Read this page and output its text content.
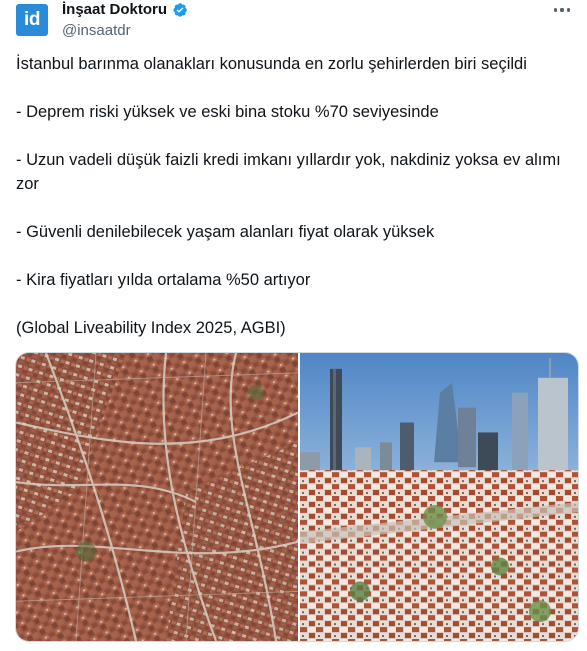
id	İnşaat Doktoru
@insaatdr

İstanbul barınma olanakları konusunda en zorlu şehirlerden biri seçildi

- Deprem riski yüksek ve eski bina stoku %70 seviyesinde

- Uzun vadeli düşük faizli kredi imkanı yıllardır yok, nakdiniz yoksa ev alımı zor

- Güvenli denilebilecek yaşam alanları fiyat olarak yüksek

- Kira fiyatları yılda ortalama %50 artıyor

(Global Liveability Index 2025, AGBI)
